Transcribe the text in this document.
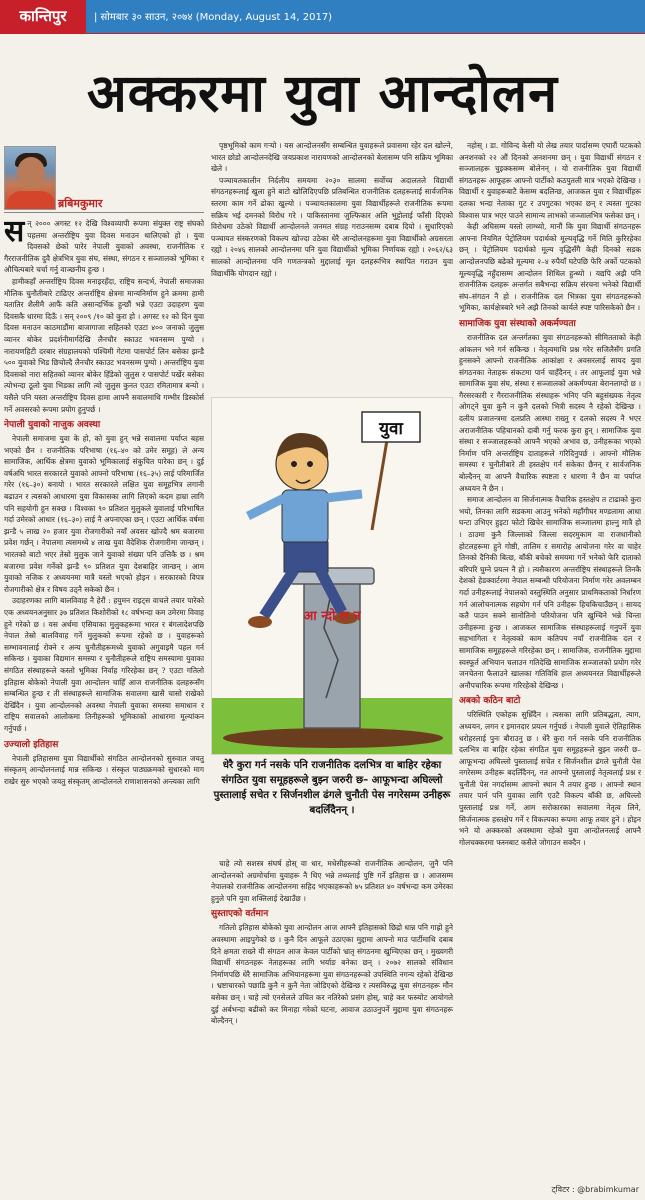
कान्तिपुर	| सोमबार ३० साउन, २०७४ (Monday, August 14, 2017)
अक्करमा युवा आन्दोलन
ब्रबिमकुमार

सन् २००० अगस्ट १२ देखि विश्वव्यापी रूपमा संयुक्त राष्ट्र संघको पहलमा अन्तर्राष्ट्रिय युवा दिवस मनाउन थालिएको हो । युवा दिवसको छेको पारेर नेपाली युवाको अवस्था, राजनीतिक र गैरराजनीतिक दुवै क्षेत्रभित्र युवा संघ, संस्था, संगठन र सञ्जालको भूमिका र औचित्यबारे चर्चा गर्नु वाञ्छनीय हुन्छ ।

हामीकहाँ अन्तर्राष्ट्रिय दिवस मनाइरहँदा, राष्ट्रिय सन्दर्भ, नेपाली समाजका मौलिक चुनौतीबारे टाढिएर अन्तर्राष्ट्रिय क्षेत्रमा मान्यनिर्माण हुने क्रममा हामी यतातिर शैलीमै आफैं कति असान्दर्भिक हुन्छौं भन्ने एउटा उदाहरण युवा दिवसकै धारमा दिऊँ । सन् २००९ /१० को कुरा हो । अगस्ट १२ को दिन युवा दिवस मनाउन काठमाडौंमा बाजागाजा सहितको एउटा ४०० जनाको जुलुस व्यानर बोकेर प्रदर्शनीमार्गदेखि लैनचौर स्काउट भवनसम्म पुग्यो । नारायणहिटी दरबार संग्रहालयको पश्चिमी गेटमा पासपोर्ट लिन बसेका झन्डै ५०० युवाको भिड छिचोल्दै लैनचौर स्काउट भवनसम्म पुग्यो । अन्तर्राष्ट्रिय युवा दिवसको नारा सहितको व्यानर बोकेर हिँडेको जुलुस र पासपोर्ट पर्खेर बसेका त्योभन्दा ठूलो युवा भिडका लागि त्यो जुलुस कुनत एउटा रमितामात्र बन्यो । यसैले पनि यस्ता अन्तर्राष्ट्रिय दिवस हामा आफ्नै सवालमाथि गम्भीर डिस्कोर्स गर्ने अवसरको रूपमा प्रयोग हुनुपर्छ ।

नेपाली युवाको नाजुक अवस्था

नेपाली समाजमा युवा के हो, को युवा हुन् भन्ने सवालमा पर्याप्त बहस भएको छैन । राजनीतिक परिभाषा (१६–४० को उमेर समूह) ले अन्य सामाजिक, आर्थिक क्षेत्रमा युवाको भूमिकालाई संकुचित पारेका छन् । दुई वर्षअघि भारत सरकारले युवाको आफ्नो परिभाषा (१६–३५) लाई परिमार्जित गरेर (१६–३०) बनायो । भारत सरकारले लक्षित युवा समूहभित्र लगानी बढाउन र त्यसको आधारमा युवा विकासका लागि लिएको कदम हाम्रा लागि पनि सहयोगी हुन सक्छ । विश्वका ९० प्रतिशत मुलुकले युवालाई परिभाषित गर्दा उमेरको आधार (१६–३०) लाई नै अपनाएका छन् । एउटा आर्थिक वर्षमा झन्डै ५ लाख २० हजार युवा रोजगारीको नयाँ अवसर खोज्दै श्रम बजारमा प्रवेश गर्छन् । नेपालमा त्यसमध्ये ४ लाख युवा वैदेशिक रोजगारीमा जान्छन् । भारतको बाटो भएर तेस्रो मुलुक जाने युवाको संख्या पनि उत्तिकै छ । श्रम बजारमा प्रवेश गर्नेको झन्डै ९० प्रतिशत युवा देशबाहिर जान्छन् । आम युवाको नजिक र अध्ययनमा मात्रै यस्तो भएको होइन । सरकारको विपत्र रोजगारीको क्षेत्र र विषय उठ्नै सकेको छैन ।

उदाहरणका लागि बालविवाह नै हेरौं : हयुमन राइट्स वाचले तयार पारेको एक अध्ययनअनुसार ३७ प्रतिशत किशोरीको १८ वर्षभन्दा कम उमेरमा विवाह हुने गरेको छ । यस अर्थमा एसियाका मुलुकहरूमा भारत र बंगलादेशपछि नेपाल तेस्रो बालविवाह गर्ने मुलुकको रूपमा रहेको छ । युवाहरूको सम्भावनालाई रोक्ने र अन्य चुनौतीहरूमध्ये युवाको अगुवाइमै पहल गर्न सकिन्छ । युवाका विद्यमान समस्या र चुनौतीहरूले राष्ट्रिय समस्यामा युवाका संगठित संस्थाहरूले कस्तो भूमिका निर्वाह गरिरहेका छन् ? एउटा गतिलो इतिहास बोकेको नेपाली युवा आन्दोलन चाहिँ आज राजनीतिक दलहरूसँग सम्बन्धित हुन्छ र ती संस्थाहरूले सामाजिक सवालमा खासै चासो राखेको देखिँदैन । युवा आन्दोलनको अवस्था नेपाली युवाका समस्या समाधान र राष्ट्रिय सवालको आलोकमा तिनीहरूको भूमिकाको आधारमा मूल्यांकन गर्नुपर्छ ।

उज्यालो इतिहास

नेपाली इतिहासमा युवा विद्यार्थीको संगठित आन्दोलनको सुरुवात जयतु संस्कृतम् आन्दोलनलाई मान्न सकिन्छ । संस्कृत पाठ्यक्रमको सुधारको माग राखेर सुरु भएको जयतु संस्कृतम् आन्दोलनले राणाशासनको अन्त्यका लागि

पृष्ठभूमिको काम गऱ्यो । यस आन्दोलनसँग सम्बन्धित युवाहरूले प्रवासमा रहेर दल खोल्ने, भारत छोडो आन्दोलनदेखि जयप्रकाश नारायणको आन्दोलनको बेलासम्म पनि सक्रिय भूमिका खेले ।

पञ्चायतकालीन निर्दलीय समयमा २०३० सालमा सर्वोच्च अदालतले विद्यार्थी संगठनहरूलाई खुला हुने बाटो खोलिदिएपछि प्रतिबन्धित राजनीतिक दलहरूलाई सार्वजनिक स्तरमा काम गर्ने ढोका खुल्यो । पञ्चायतकालमा युवा विद्यार्थीहरूले राजनीतिक रूपमा सक्रिय भई दमनको विरोध गरे । पाकिस्तानमा जुल्फिकार अलि भुट्टोलाई फाँसी दिएको विरोधमा उठेको विद्यार्थी आन्दोलनले जनमत संग्रह गराउनसम्म दबाब दियो । सुधारिएको पञ्चायत संस्करणको विकल्प खोज्दा उठेका धेरै आन्दोलनहरूमा युवा विद्यार्थीको अग्रसरता रह्यो । २०४६ सालको आन्दोलनमा पनि युवा विद्यार्थीको भूमिका निर्णायक रह्यो । २०६२/६३ सालको आन्दोलनमा पनि गणतन्त्रको मुद्दालाई मूल दलहरूभित्र स्थापित गराउन युवा विद्यार्थीकै योगदान रह्यो ।

युवा
आ न्दो ल न
धेरै कुरा गर्न नसके पनि राजनीतिक दलभित्र वा बाहिर रहेका संगठित युवा समूहहरूले बुझ्न जरुरी छ– आफूभन्दा अघिल्लो पुस्तालाई सचेत र सिर्जनशील ढंगले चुनौती पेस नगरेसम्म उनीहरू बदलिँदैनन् ।

चाहे त्यो सशस्त्र संघर्ष होस् वा धार, मधेसीहरूको राजनीतिक आन्दोलन, जुनै पनि आन्दोलनको अग्रमोर्चामा युवाहरू नै थिए भन्ने तथ्यलाई पुष्टि गर्ने इतिहास छ । आजसम्म नेपालको राजनीतिक आन्दोलनमा सहिद भएकाहरूको ७५ प्रतिशत ४० वर्षभन्दा कम उमेरका हुनुले पनि युवा शक्तिलाई देखाउँछ ।

सुस्ताएको वर्तमान

गतिलो इतिहास बोकेको युवा आन्दोलन आज आफ्नै इतिहासको छिद्रो धान्न पनि गाह्रो हुने अवस्थामा आइपुगेको छ । कुनै दिन आफूले उठाएका मुद्दामा आफ्नो माउ पार्टीमाथि दबाब दिने क्षमता राख्ने यी संगठन आज केवल पार्टीको भ्रातृ संगठनमा खुम्चिएका छन् । मुख्यगरी विद्यार्थी संगठनहरू नेताहरूका लागि भर्याङ बनेका छन् । २०७२ सालको संविधान निर्माणपछि धेरै सामाजिक अभियानहरूमा युवा संगठनहरूको उपस्थिति नगन्य रहेको देखिन्छ । भ्रष्टाचारको पछाडि कुनै न कुनै नेता जोडिएको देखिन्छ र त्यसविरुद्ध युवा संगठनहरू मौन बसेका छन् । चाहे त्यो एनसेलले उचित कर नतिरेको प्रसंग होस्, चाहे कर फस्र्योट आयोगले दुई अर्बभन्दा बढीको कर मिनाहा गरेको घटना, आवाज उठाउनुपर्ने मुद्दामा युवा संगठनहरू बोल्दैनन् ।

नहोस् । डा. गोविन्द केसी यो लेख तयार पार्दासम्म एघारौं पटकको अनशनको २२ औं दिनको अनशनमा छन् । युवा विद्यार्थी संगठन र सञ्जालहरू चुइक्कसम्म बोलेनन् । यो राजनीतिक युवा विद्यार्थी संगठनहरू आफूहरू आफ्नो पार्टीको कठपुतली मात्र भएको देखिन्छ । विद्यार्थी र युवाहरूबाटै केसम्म बदलिन्छ, आजकल युवा र विद्यार्थीहरू दलका भन्दा नेताका गुट र उपगुटका भएका छन् र त्यस्ता गुटका विश्वास पात्र भएर पाउने सामान्य लाभको जञ्जालभित्र फसेका छन् ।

केही अघिसम्म यस्तो लाग्थ्यो, मानौं कि युवा विद्यार्थी संगठनहरू आफ्ना नियमित पेट्रोलियम पदार्थको मूल्यवृद्धि गर्ने मिति कुरिरहेका छन् । पेट्रोलियम पदार्थको मूल्य वृद्धिसँगै केही दिनको सडक आन्दोलनपछि बढेको मूल्यमा २–४ रुपैयाँ घटेपछि फेरि अर्को पटकको मूल्यवृद्धि नहुँदासम्म आन्दोलन शिथिल हुन्थ्यो । यद्यपि अझै पनि राजनीतिक दलहरू अन्तर्गत सबैभन्दा सक्रिय संरचना भनेको विद्यार्थी संघ–संगठन नै हो । राजनीतिक दल भित्रका युवा संगठनहरूको भूमिका, कार्यक्षेत्रबारे भने अझै तिनको कार्यले स्पष्ट पारिसकेको छैन ।

सामाजिक युवा संस्थाको अकर्मण्यता

राजनीतिक दल अन्तर्गतका युवा संगठनहरूको सीमितताको केही आंकलन भने गर्न सकिन्छ । नेतृत्वमाथि प्रश्न गरेर सजिलैसँग प्रगति हुनसक्ने आफ्नो राजनीतिक आकांक्षा र अवसरलाई सायद युवा संगठनका नेताहरू संकटमा पार्न चाहँदैनन् । तर आफूलाई युवा भन्ने सामाजिक युवा संघ, संस्था र सञ्जालको अकर्मण्यता बेरानलाग्दो छ । गैरसरकारी र गैरराजनीतिक संस्थाहरू भनिए पनि बहुसंख्यक नेतृत्व ओगट्ने युवा कुनै न कुनै दलको भित्री सदस्य नै रहेको देखिन्छ । दलीय प्रजातन्त्रमा दलप्रति आस्था राख्नु र दलको सदस्य नै भएर अराजनीतिक पहिचानको दाबी गर्नु फरक कुरा हुन् । सामाजिक युवा संस्था र सञ्जालहरूको आफ्नै भएको अभाव छ, उनीहरूका भएको निर्माण पनि अन्तर्राष्ट्रिय दाताहरूले गरिदिनुपर्छ । आफ्नो मौलिक समस्या र चुनौतीबारे ती हस्तक्षेप गर्न सकेका छैनन् र सार्वजनिक बोल्दैनन् वा आफ्नै वैचारिक स्पष्टता र धारणा नै छैन वा पर्याप्त अध्ययन नै छैन ।

समाज आन्दोलन वा सिर्जनात्मक वैचारिक हस्तक्षेप त टाढाको कुरा भयो, तिनका लागि सडकमा आउनु भनेको महाँगीघर मण्डलामा आधा घन्टा उभिएर हुइटा फोटो खिचेर सामाजिक सञ्जालमा हाल्नु मात्रै हो । ठाउमा कुनै जिल्लाको जिल्ला सदरमुकाम वा राजधानीको होटलहरूमा हुने गोष्ठी, तालिम र समारोह आयोजना गरेर वा चाहेर तिनको दैनिकी बित्छ, बाँकी बचेको समयमा गर्ने भनेको फेरि दाताको बरिपरि घुम्ने प्रयत्न नै हो । त्यसैकारण अन्तर्राष्ट्रिय संस्थाहरूले तिनकै देशको हेडक्वार्टरमा नेपाल सम्बन्धी परियोजना निर्माण गरेर अवलम्बन गर्दा उनीहरूलाई नेपालको वस्तुस्थिति अनुसार प्राथमिकताको निर्धारण गर्न आलोचनात्मक सहयोग गर्न पनि उनीहरू हिचकिचाउँछन् । सायद कतै पाउन सक्ने सानोतिनो परियोजना पनि खुम्चिने भन्ने चिन्ता उनीहरूमा हुन्छ । आजकल सामाजिक संस्थाहरूलाई गनुपर्ने युवा सहभागिता र नेतृत्वको काम कतिपय नयाँ राजनीतिक दल र सामाजिक समूहहरूले गरिरहेका छन् । सामाजिक, राजनीतिक मुद्दामा स्वस्फूर्त अभियान चलाउन गतिदेखि सामाजिक सञ्जालको प्रयोग गरेर जनचेतना फैलाउने खालका गतिविधि हाल अध्ययनरत विद्यार्थीहरूले अनौपचारिक रूपमा गरिरहेको देखिन्छ ।

अबको कठिन बाटो

परिस्थिति एकोहक सुध्रिँदैन । त्यसका लागि प्रतिबद्धता, त्याग, अध्ययन, लगन र इमानदार प्रयत्न गर्नुपर्छ । नेपाली युवाले ऐतिहासिक धरोहरलाई पुनः बौराउनु छ । धेरै कुरा गर्न नसके पनि राजनीतिक दलभित्र वा बाहिर रहेका संगठित युवा समूहहरूले बुझ्न जरुरी छ– आफूभन्दा अघिल्लो पुस्तालाई सचेत र सिर्जनशील ढंगले चुनौती पेस नगरेसम्म उनीहरू बदलिँदैनन्, नत आफ्नो पुस्तालाई नेतृत्वलाई प्रश्न र चुनौती पेस नगर्दासम्म आफ्नो स्थान नै तयार हुन्छ । आफ्नो स्थान तयार पार्न पनि युवाका लागि एउटै विकल्प बाँकी छ, अघिल्लो पुस्तालाई प्रश्न गर्ने, आम सरोकारका सवालमा नेतृत्व लिने, सिर्जनात्मक हस्तक्षेप गर्ने र विकल्पका रूपमा आफू तयार हुने । होइन भने यो अक्करको अवस्थामा रहेको युवा आन्दोलनलाई आफ्नै गोलचक्करमा फस्नबाट कसैले जोगाउन सक्दैन ।

ट्विटर : @brabimkumar
